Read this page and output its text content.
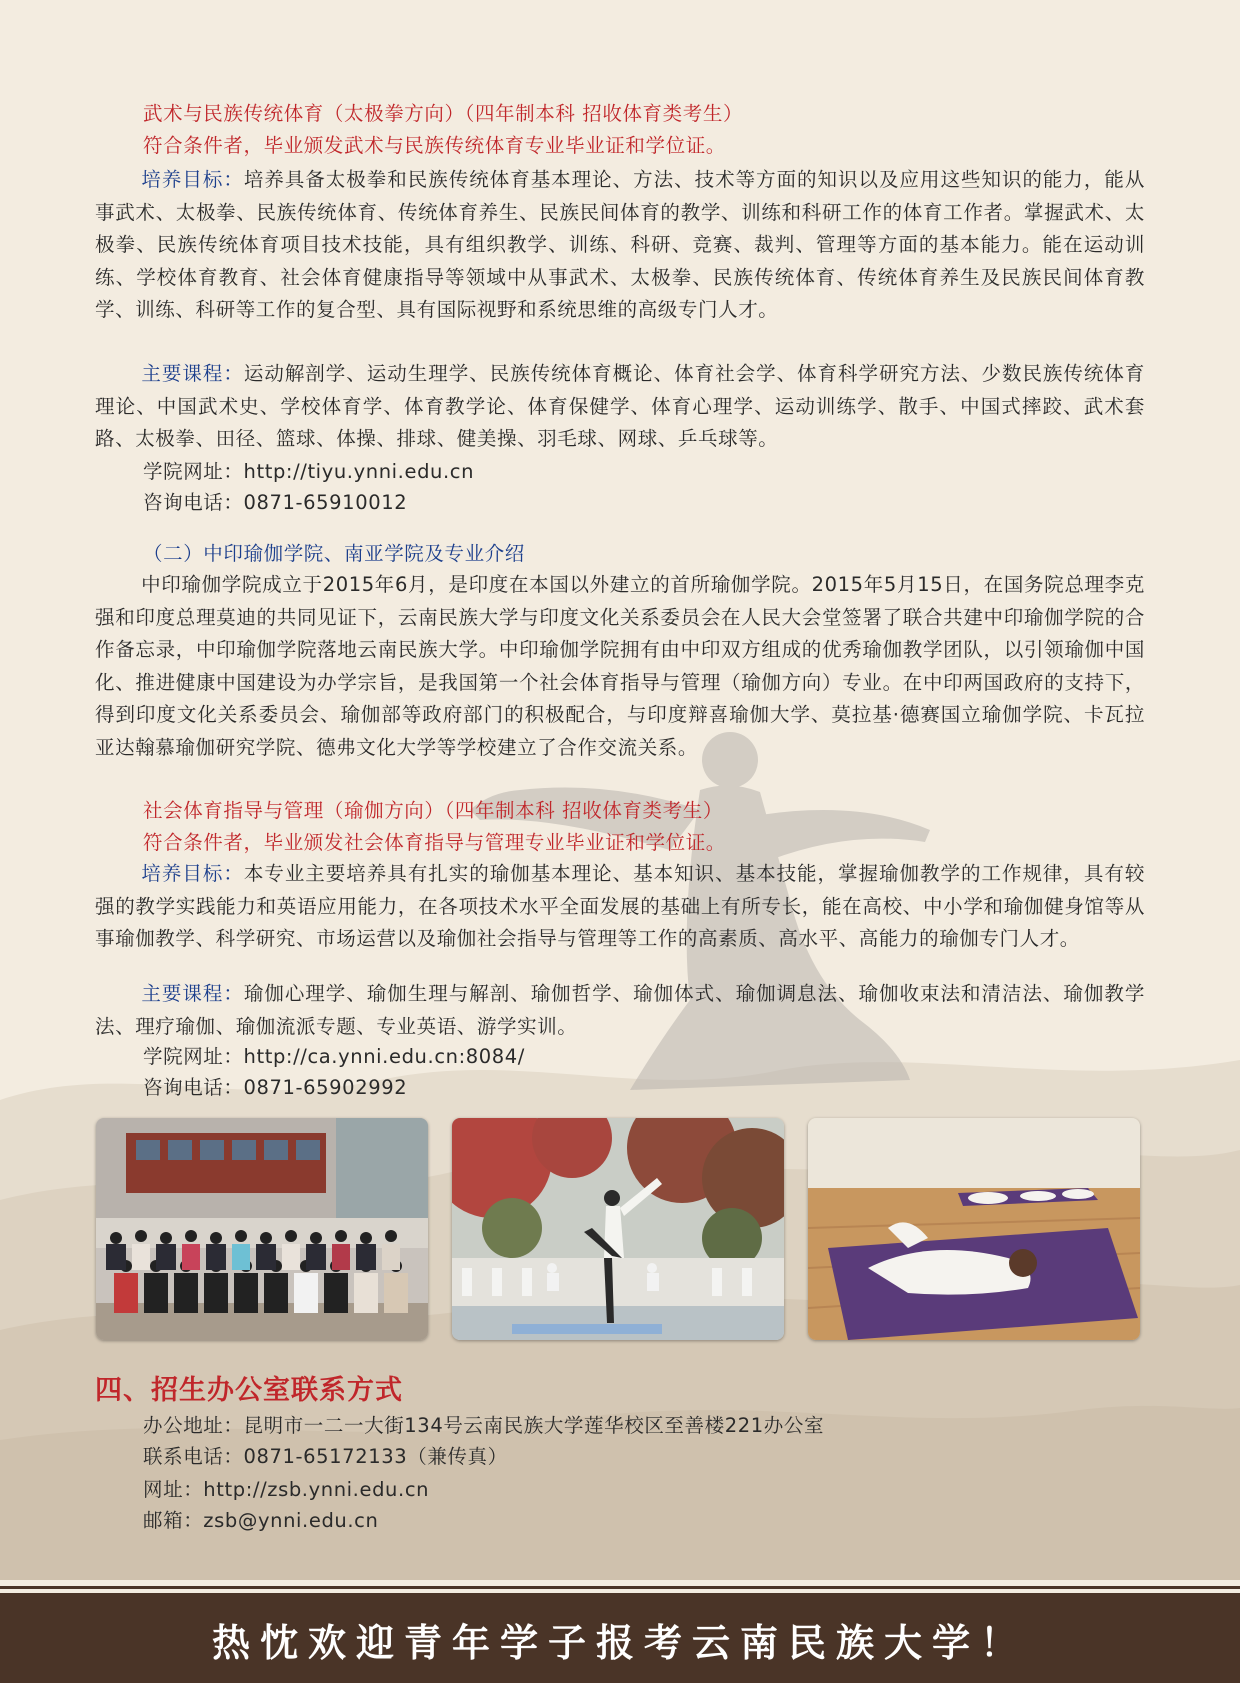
武术与民族传统体育（太极拳方向）（四年制本科 招收体育类考生）
符合条件者，毕业颁发武术与民族传统体育专业毕业证和学位证。
培养目标：培养具备太极拳和民族传统体育基本理论、方法、技术等方面的知识以及应用这些知识的能力，能从事武术、太极拳、民族传统体育、传统体育养生、民族民间体育的教学、训练和科研工作的体育工作者。掌握武术、太极拳、民族传统体育项目技术技能，具有组织教学、训练、科研、竞赛、裁判、管理等方面的基本能力。能在运动训练、学校体育教育、社会体育健康指导等领域中从事武术、太极拳、民族传统体育、传统体育养生及民族民间体育教学、训练、科研等工作的复合型、具有国际视野和系统思维的高级专门人才。
主要课程：运动解剖学、运动生理学、民族传统体育概论、体育社会学、体育科学研究方法、少数民族传统体育理论、中国武术史、学校体育学、体育教学论、体育保健学、体育心理学、运动训练学、散手、中国式摔跤、武术套路、太极拳、田径、篮球、体操、排球、健美操、羽毛球、网球、乒乓球等。
学院网址：http://tiyu.ynni.edu.cn
咨询电话：0871-65910012
（二）中印瑜伽学院、南亚学院及专业介绍
中印瑜伽学院成立于2015年6月，是印度在本国以外建立的首所瑜伽学院。2015年5月15日，在国务院总理李克强和印度总理莫迪的共同见证下，云南民族大学与印度文化关系委员会在人民大会堂签署了联合共建中印瑜伽学院的合作备忘录，中印瑜伽学院落地云南民族大学。中印瑜伽学院拥有由中印双方组成的优秀瑜伽教学团队，以引领瑜伽中国化、推进健康中国建设为办学宗旨，是我国第一个社会体育指导与管理（瑜伽方向）专业。在中印两国政府的支持下，得到印度文化关系委员会、瑜伽部等政府部门的积极配合，与印度辩喜瑜伽大学、莫拉基·德赛国立瑜伽学院、卡瓦拉亚达翰慕瑜伽研究学院、德弗文化大学等学校建立了合作交流关系。
社会体育指导与管理（瑜伽方向）（四年制本科 招收体育类考生）
符合条件者，毕业颁发社会体育指导与管理专业毕业证和学位证。
培养目标：本专业主要培养具有扎实的瑜伽基本理论、基本知识、基本技能，掌握瑜伽教学的工作规律，具有较强的教学实践能力和英语应用能力，在各项技术水平全面发展的基础上有所专长，能在高校、中小学和瑜伽健身馆等从事瑜伽教学、科学研究、市场运营以及瑜伽社会指导与管理等工作的高素质、高水平、高能力的瑜伽专门人才。
主要课程：瑜伽心理学、瑜伽生理与解剖、瑜伽哲学、瑜伽体式、瑜伽调息法、瑜伽收束法和清洁法、瑜伽教学法、理疗瑜伽、瑜伽流派专题、专业英语、游学实训。
学院网址：http://ca.ynni.edu.cn:8084/
咨询电话：0871-65902992
四、招生办公室联系方式
办公地址：昆明市一二一大街134号云南民族大学莲华校区至善楼221办公室
联系电话：0871-65172133（兼传真）
网址：http://zsb.ynni.edu.cn
邮箱：zsb@ynni.edu.cn
热忱欢迎青年学子报考云南民族大学！
